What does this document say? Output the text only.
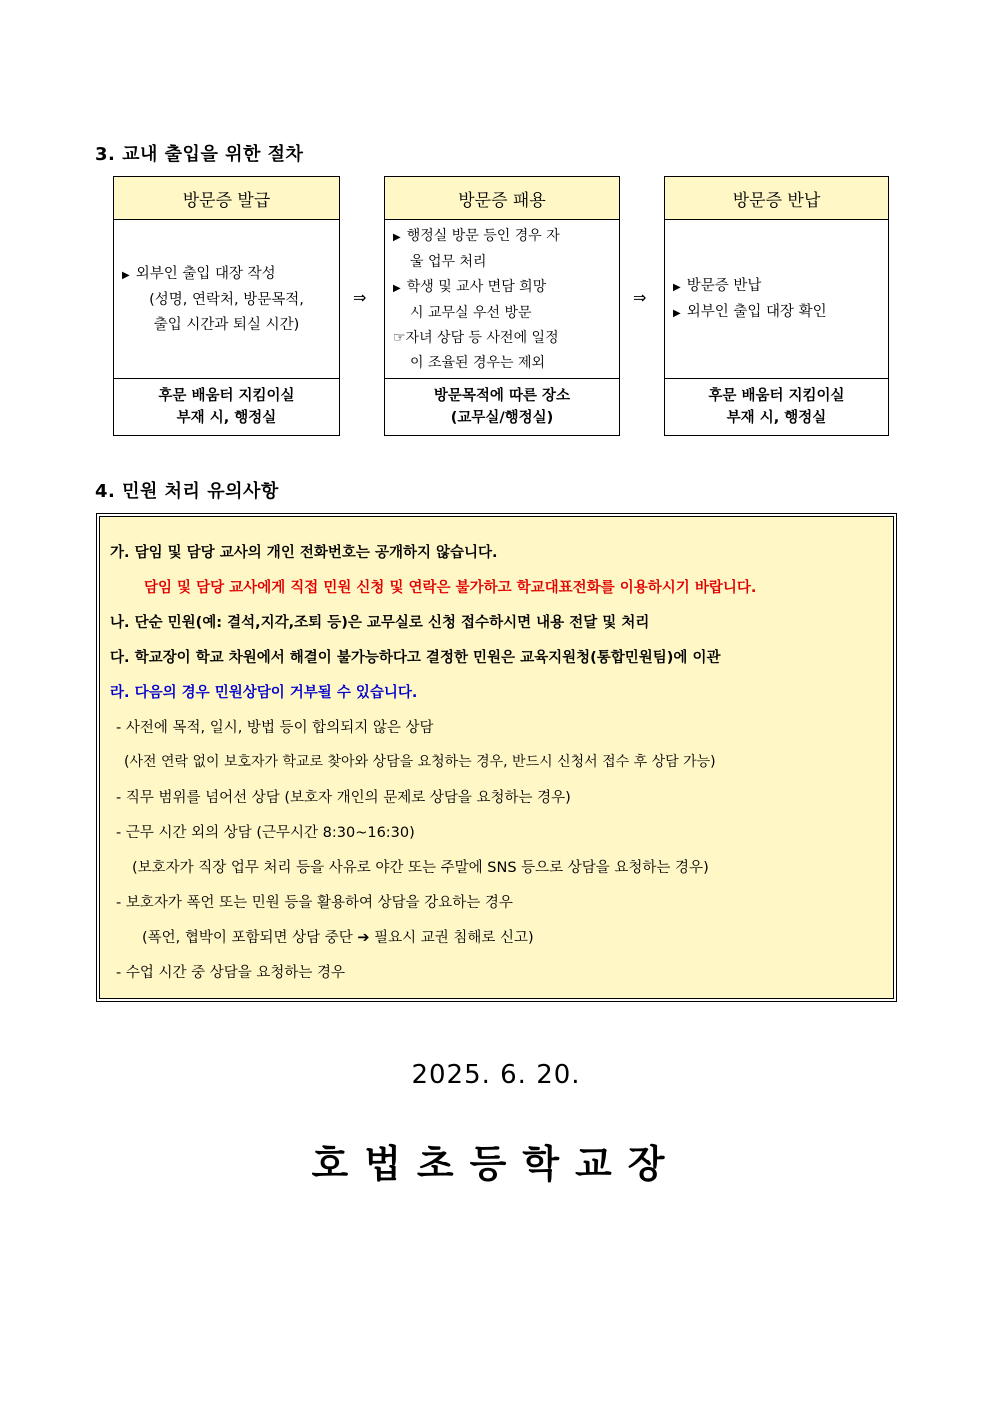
3. 교내 출입을 위한 절차
방문증 발급
▶ 외부인 출입 대장 작성
(성명, 연락처, 방문목적,
출입 시간과 퇴실 시간)
후문 배움터 지킴이실
부재 시, 행정실
⇒
방문증 패용
▶ 행정실 방문 등인 경우 자
울 업무 처리
▶ 학생 및 교사 면담 희망
시 교무실 우선 방문
☞자녀 상담 등 사전에 일정
이 조율된 경우는 제외
방문목적에 따른 장소
(교무실/행정실)
⇒
방문증 반납
▶ 방문증 반납
▶ 외부인 출입 대장 확인
후문 배움터 지킴이실
부재 시, 행정실
4. 민원 처리 유의사항
가. 담임 및 담당 교사의 개인 전화번호는 공개하지 않습니다.
담임 및 담당 교사에게 직접 민원 신청 및 연락은 불가하고 학교대표전화를 이용하시기 바랍니다.
나. 단순 민원(예: 결석,지각,조퇴 등)은 교무실로 신청 접수하시면 내용 전달 및 처리
다. 학교장이 학교 차원에서 해결이 불가능하다고 결정한 민원은 교육지원청(통합민원팀)에 이관
라. 다음의 경우 민원상담이 거부될 수 있습니다.
- 사전에 목적, 일시, 방법 등이 합의되지 않은 상담
(사전 연락 없이 보호자가 학교로 찾아와 상담을 요청하는 경우, 반드시 신청서 접수 후 상담 가능)
- 직무 범위를 넘어선 상담 (보호자 개인의 문제로 상담을 요청하는 경우)
- 근무 시간 외의 상담 (근무시간 8:30~16:30)
(보호자가 직장 업무 처리 등을 사유로 야간 또는 주말에 SNS 등으로 상담을 요청하는 경우)
- 보호자가 폭언 또는 민원 등을 활용하여 상담을 강요하는 경우
(폭언, 협박이 포함되면 상담 중단 ➔ 필요시 교권 침해로 신고)
- 수업 시간 중 상담을 요청하는 경우
2025. 6. 20.
호법초등학교장
